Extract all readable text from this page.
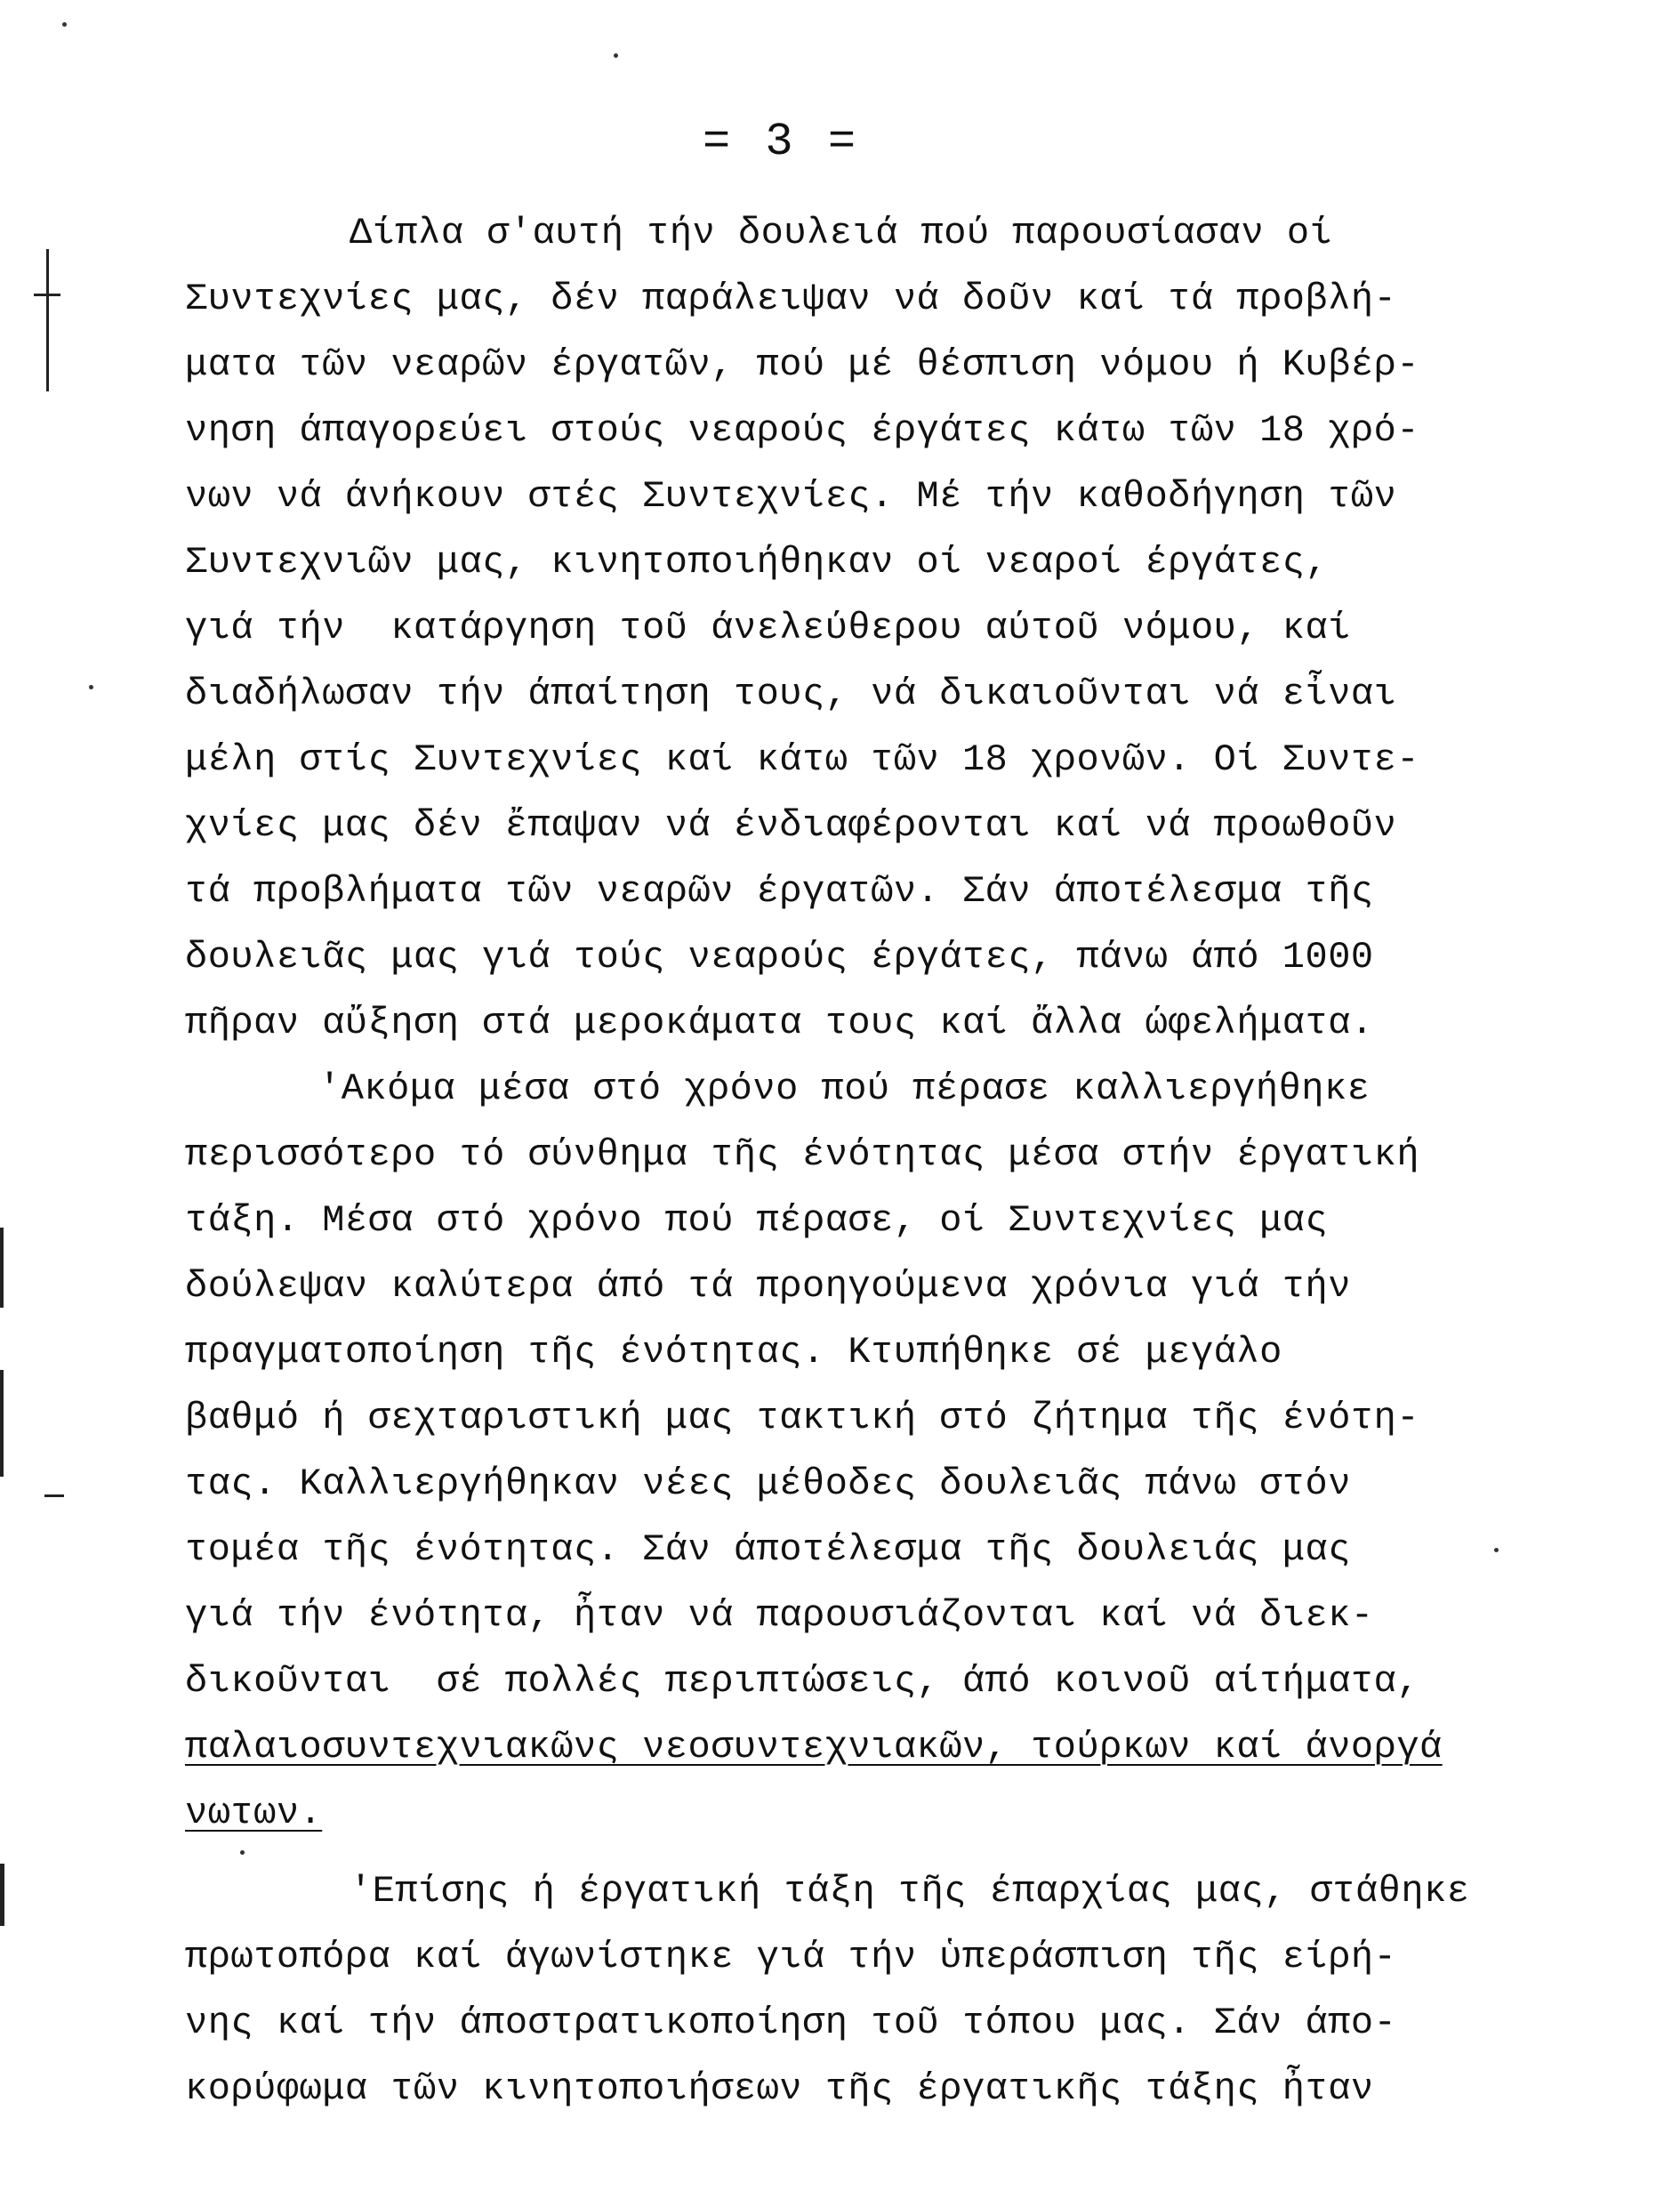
= 3 =
Δίπλα σ'αυτή τήν δουλειά πού παρουσίασαν οί
Συντεχνίες μας, δέν παράλειψαν νά δοῦν καί τά προβλή-
ματα τῶν νεαρῶν έργατῶν, πού μέ θέσπιση νόμου ή Κυβέρ-
νηση άπαγορεύει στούς νεαρούς έργάτες κάτω τῶν 18 χρό-
νων νά άνήκουν στές Συντεχνίες. Μέ τήν καθοδήγηση τῶν
Συντεχνιῶν μας, κινητοποιήθηκαν οί νεαροί έργάτες,
γιά τήν  κατάργηση τοῦ άνελεύθερου αύτοῦ νόμου, καί
διαδήλωσαν τήν άπαίτηση τους, νά δικαιοῦνται νά εἶναι
μέλη στίς Συντεχνίες καί κάτω τῶν 18 χρονῶν. Οί Συντε-
χνίες μας δέν ἔπαψαν νά ένδιαφέρονται καί νά προωθοῦν
τά προβλήματα τῶν νεαρῶν έργατῶν. Σάν άποτέλεσμα τῆς
δουλειᾶς μας γιά τούς νεαρούς έργάτες, πάνω άπό 1000
πῆραν αὔξηση στά μεροκάματα τους καί ἄλλα ώφελήματα.
'Ακόμα μέσα στό χρόνο πού πέρασε καλλιεργήθηκε
περισσότερο τό σύνθημα τῆς ένότητας μέσα στήν έργατική
τάξη. Μέσα στό χρόνο πού πέρασε, οί Συντεχνίες μας
δούλεψαν καλύτερα άπό τά προηγούμενα χρόνια γιά τήν
πραγματοποίηση τῆς ένότητας. Κτυπήθηκε σέ μεγάλο
βαθμό ή σεχταριστική μας τακτική στό ζήτημα τῆς ένότη-
τας. Καλλιεργήθηκαν νέες μέθοδες δουλειᾶς πάνω στόν
τομέα τῆς ένότητας. Σάν άποτέλεσμα τῆς δουλειάς μας
γιά τήν ένότητα, ἦταν νά παρουσιάζονται καί νά διεκ-
δικοῦνται  σέ πολλές περιπτώσεις, άπό κοινοῦ αίτήματα,
παλαιοσυντεχνιακῶνς νεοσυντεχνιακῶν, τούρκων καί άνοργά
νωτων.
'Επίσης ή έργατική τάξη τῆς έπαρχίας μας, στάθηκε
πρωτοπόρα καί άγωνίστηκε γιά τήν ὑπεράσπιση τῆς είρή-
νης καί τήν άποστρατικοποίηση τοῦ τόπου μας. Σάν άπο-
κορύφωμα τῶν κινητοποιήσεων τῆς έργατικῆς τάξης ἦταν
